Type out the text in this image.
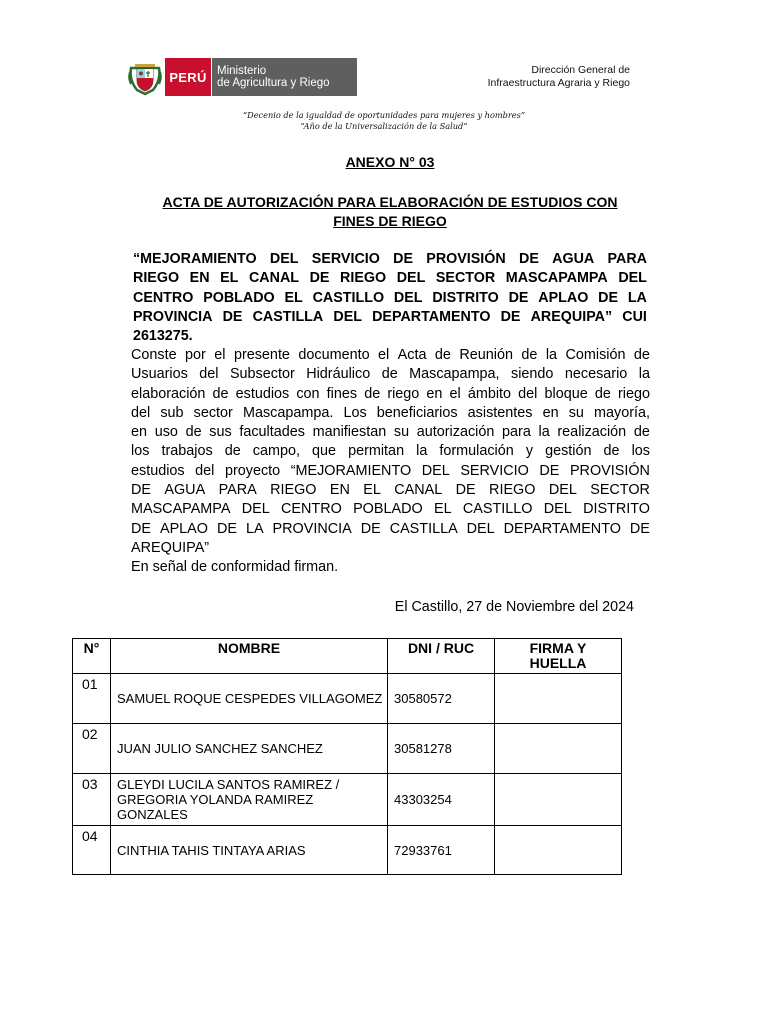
PERÚ Ministerio
de Agricultura y Riego
Dirección General de
Infraestructura Agraria y Riego
“Decenio de la igualdad de oportunidades para mujeres y hombres”
“Año de la Universalización de la Salud”
ANEXO N° 03
ACTA DE AUTORIZACIÓN PARA ELABORACIÓN DE ESTUDIOS CON
FINES DE RIEGO
“MEJORAMIENTO DEL SERVICIO DE PROVISIÓN DE AGUA PARA
RIEGO EN EL CANAL DE RIEGO DEL SECTOR MASCAPAMPA DEL
CENTRO POBLADO EL CASTILLO DEL DISTRITO DE APLAO DE LA
PROVINCIA DE CASTILLA DEL DEPARTAMENTO DE AREQUIPA” CUI
2613275.
Conste por el presente documento el Acta de Reunión de la Comisión de
Usuarios del Subsector Hidráulico de Mascapampa, siendo necesario la
elaboración de estudios con fines de riego en el ámbito del bloque de riego
del sub sector Mascapampa. Los beneficiarios asistentes en su mayoría,
en uso de sus facultades manifiestan su autorización para la realización de
los trabajos de campo, que permitan la formulación y gestión de los
estudios del proyecto “MEJORAMIENTO DEL SERVICIO DE PROVISIÓN
DE AGUA PARA RIEGO EN EL CANAL DE RIEGO DEL SECTOR
MASCAPAMPA DEL CENTRO POBLADO EL CASTILLO DEL DISTRITO
DE APLAO DE LA PROVINCIA DE CASTILLA DEL DEPARTAMENTO DE
AREQUIPA”
En señal de conformidad firman.
El Castillo, 27 de Noviembre del 2024
N°	NOMBRE	DNI / RUC	FIRMA Y HUELLA

01	SAMUEL ROQUE CESPEDES VILLAGOMEZ	30580572	
02	JUAN JULIO SANCHEZ SANCHEZ	30581278	
03	GLEYDI LUCILA SANTOS RAMIREZ / GREGORIA YOLANDA RAMIREZ GONZALES	43303254	
04	CINTHIA TAHIS TINTAYA ARIAS	72933761	
